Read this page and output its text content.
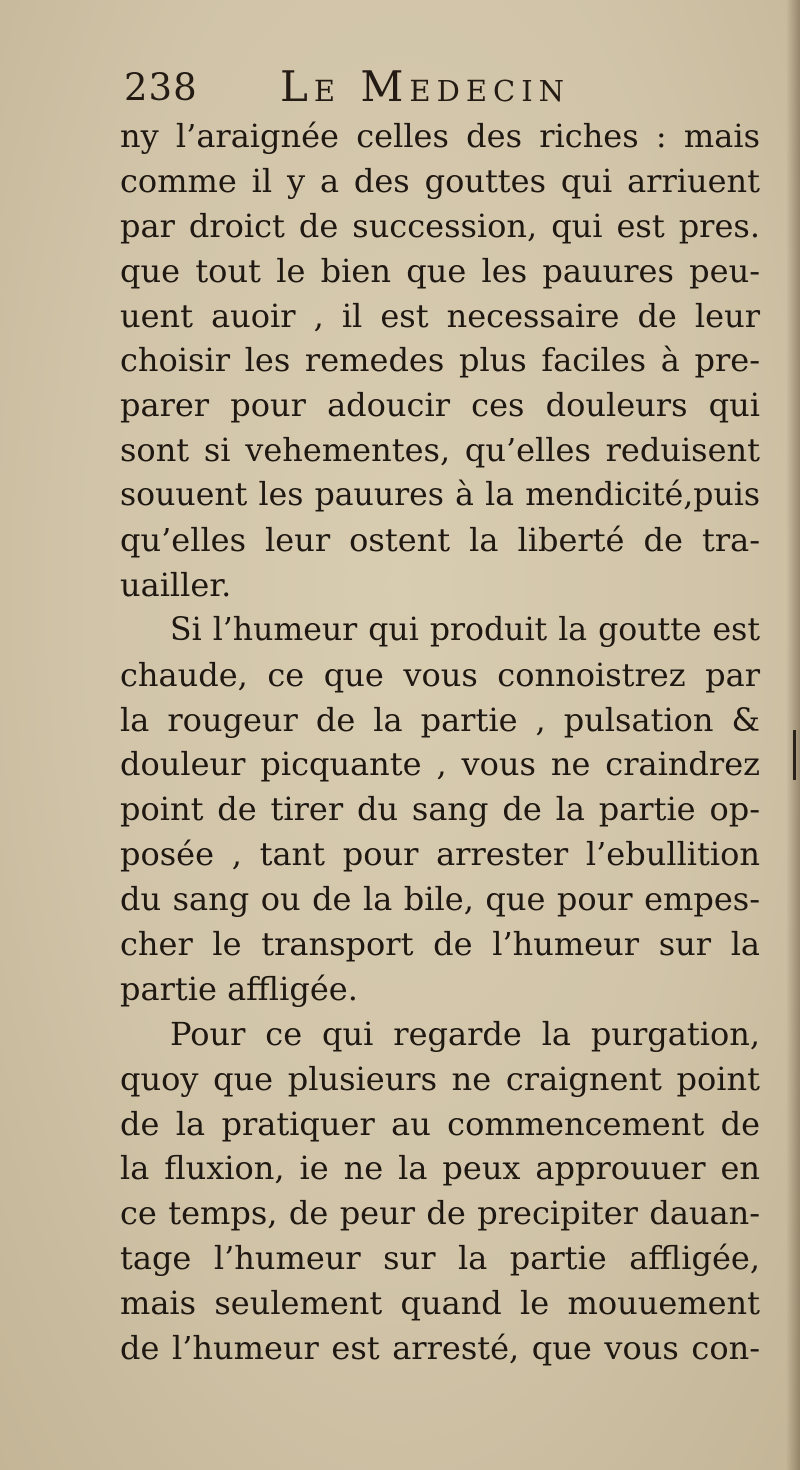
238 Le Medecin
ny l’araignée celles des riches : mais
comme il y a des gouttes qui arriuent
par droict de succession, qui est pres.
que tout le bien que les pauures peu-
uent auoir , il est necessaire de leur
choisir les remedes plus faciles à pre-
parer pour adoucir ces douleurs qui
sont si vehementes, qu’elles reduisent
souuent les pauures à la mendicité,puis
qu’elles leur ostent la liberté de tra-
uailler.
Si l’humeur qui produit la goutte est
chaude, ce que vous connoistrez par
la rougeur de la partie , pulsation &
douleur picquante , vous ne craindrez
point de tirer du sang de la partie op-
posée , tant pour arrester l’ebullition
du sang ou de la bile, que pour empes-
cher le transport de l’humeur sur la
partie affligée.
Pour ce qui regarde la purgation,
quoy que plusieurs ne craignent point
de la pratiquer au commencement de
la fluxion, ie ne la peux approuuer en
ce temps, de peur de precipiter dauan-
tage l’humeur sur la partie affligée,
mais seulement quand le mouuement
de l’humeur est arresté, que vous con-
